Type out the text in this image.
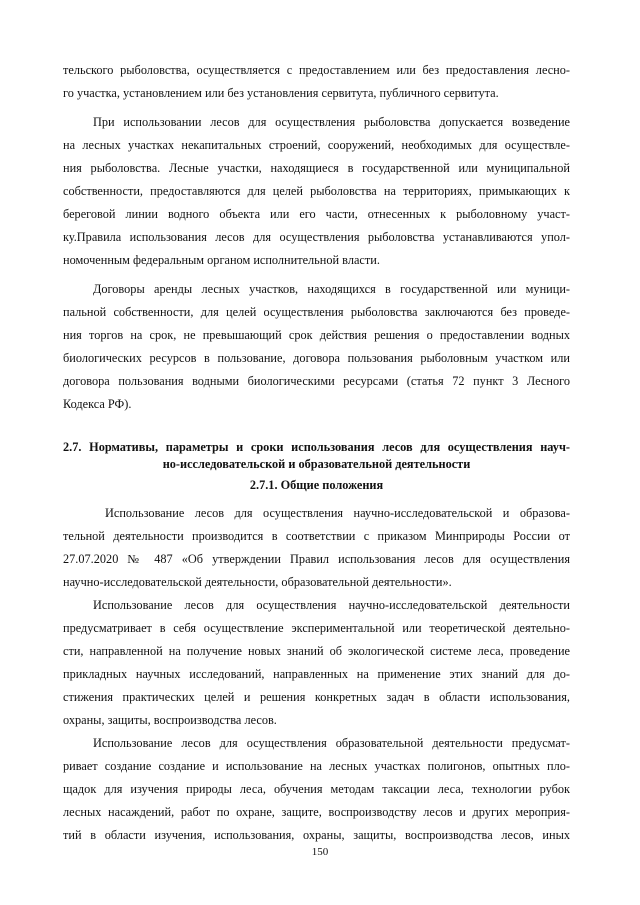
тельского рыболовства, осуществляется с предоставлением или без предоставления лесно-
го участка, установлением или без установления сервитута, публичного сервитута.
При использовании лесов для осуществления рыболовства допускается возведение
на лесных участках некапитальных строений, сооружений, необходимых для осуществле-
ния рыболовства. Лесные участки, находящиеся в государственной или муниципальной
собственности, предоставляются для целей рыболовства на территориях, примыкающих к
береговой линии водного объекта или его части, отнесенных к рыболовному участ-
ку.Правила использования лесов для осуществления рыболовства устанавливаются упол-
номоченным федеральным органом исполнительной власти.
Договоры аренды лесных участков, находящихся в государственной или муници-
пальной собственности, для целей осуществления рыболовства заключаются без проведе-
ния торгов на срок, не превышающий срок действия решения о предоставлении водных
биологических ресурсов в пользование, договора пользования рыболовным участком или
договора пользования водными биологическими ресурсами (статья 72 пункт 3 Лесного
Кодекса РФ).
2.7. Нормативы, параметры и сроки использования лесов для осуществления науч-
но-исследовательской и образовательной деятельности
2.7.1. Общие положения
Использование лесов для осуществления научно-исследовательской и образова-
тельной деятельности производится в соответствии с приказом Минприроды России от
27.07.2020 № 487 «Об утверждении Правил использования лесов для осуществления
научно-исследовательской деятельности, образовательной деятельности».
Использование лесов для осуществления научно-исследовательской деятельности
предусматривает в себя осуществление экспериментальной или теоретической деятельно-
сти, направленной на получение новых знаний об экологической системе леса, проведение
прикладных научных исследований, направленных на применение этих знаний для до-
стижения практических целей и решения конкретных задач в области использования,
охраны, защиты, воспроизводства лесов.
Использование лесов для осуществления образовательной деятельности предусмат-
ривает создание создание и использование на лесных участках полигонов, опытных пло-
щадок для изучения природы леса, обучения методам таксации леса, технологии рубок
лесных насаждений, работ по охране, защите, воспроизводству лесов и других мероприя-
тий в области изучения, использования, охраны, защиты, воспроизводства лесов, иных
150
